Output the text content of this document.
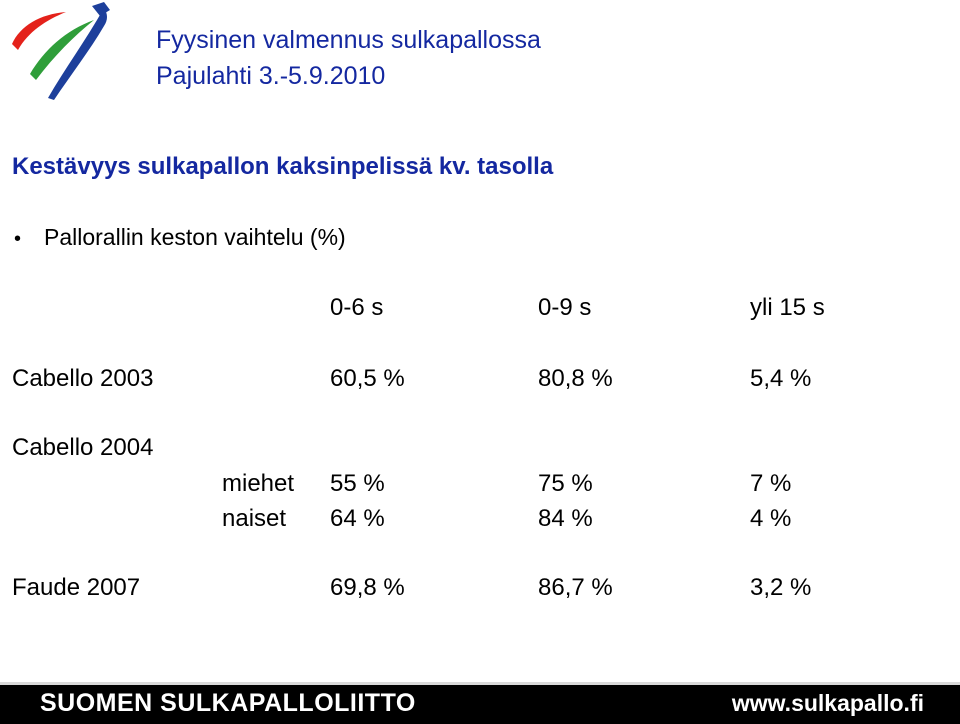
Fyysinen valmennus sulkapallossa
Pajulahti 3.-5.9.2010
Kestävyys sulkapallon kaksinpelissä kv. tasolla
• Pallorallin keston vaihtelu (%)
0-6 s	0-9 s	yli 15 s
Cabello 2003	60,5 %	80,8 %	5,4 %
Cabello 2004
miehet 55 %	75 %	7 %
naiset 64 %	84 %	4 %
Faude 2007	69,8 %	86,7 %	3,2 %
SUOMEN SULKAPALLOLIITTO	www.sulkapallo.fi
